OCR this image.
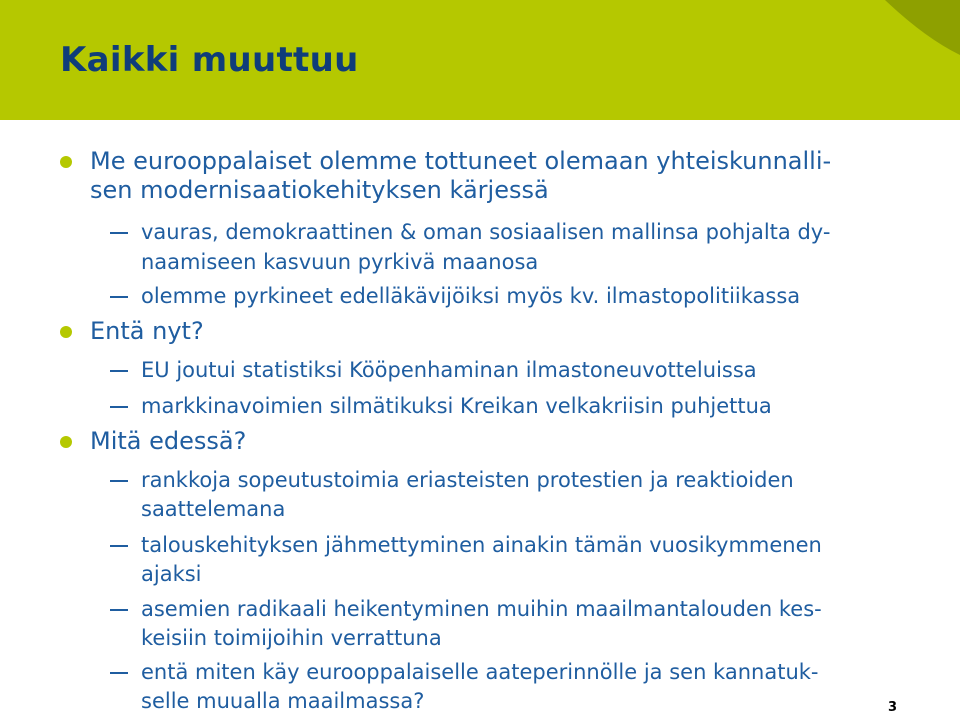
Kaikki muuttuu
Me eurooppalaiset olemme tottuneet olemaan yhteiskunnalli-
sen modernisaatiokehityksen kärjessä
vauras, demokraattinen & oman sosiaalisen mallinsa pohjalta dy-
naamiseen kasvuun pyrkivä maanosa
olemme pyrkineet edelläkävijöiksi myös kv. ilmastopolitiikassa
Entä nyt?
EU joutui statistiksi Kööpenhaminan ilmastoneuvotteluissa
markkinavoimien silmätikuksi Kreikan velkakriisin puhjettua
Mitä edessä?
rankkoja sopeutustoimia eriasteisten protestien ja reaktioiden
saattelemana
talouskehityksen jähmettyminen ainakin tämän vuosikymmenen
ajaksi
asemien radikaali heikentyminen muihin maailmantalouden kes-
keisiin toimijoihin verrattuna
entä miten käy eurooppalaiselle aateperinnölle ja sen kannatuk-
selle muualla maailmassa?	3
